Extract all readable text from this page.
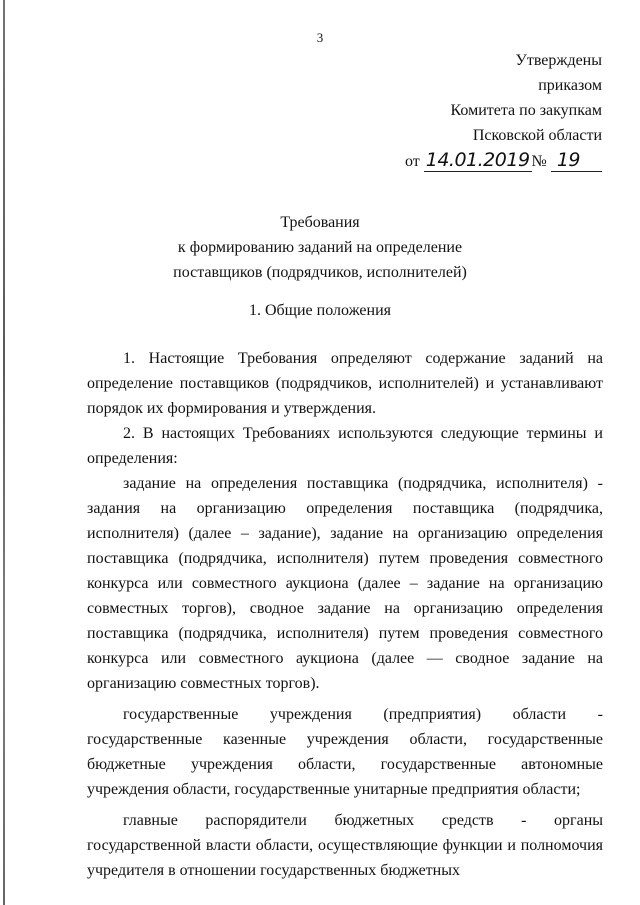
3
Утверждены
приказом
Комитета по закупкам
Псковской области
от 14.01.2019 № 19
Требования
к формированию заданий на определение
поставщиков (подрядчиков, исполнителей)
1. Общие положения

1. Настоящие Требования определяют содержание заданий на определение поставщиков (подрядчиков, исполнителей) и устанавливают порядок их формирования и утверждения.

2. В настоящих Требованиях используются следующие термины и определения:

задание на определения поставщика (подрядчика, исполнителя) - задания на организацию определения поставщика (подрядчика, исполнителя) (далее – задание), задание на организацию определения поставщика (подрядчика, исполнителя) путем проведения совместного конкурса или совместного аукциона (далее – задание на организацию совместных торгов), сводное задание на организацию определения поставщика (подрядчика, исполнителя) путем проведения совместного конкурса или совместного аукциона (далее — сводное задание на организацию совместных торгов).

государственные учреждения (предприятия) области - государственные казенные учреждения области, государственные бюджетные учреждения области, государственные автономные учреждения области, государственные унитарные предприятия области;

главные распорядители бюджетных средств - органы государственной власти области, осуществляющие функции и полномочия учредителя в отношении государственных бюджетных
